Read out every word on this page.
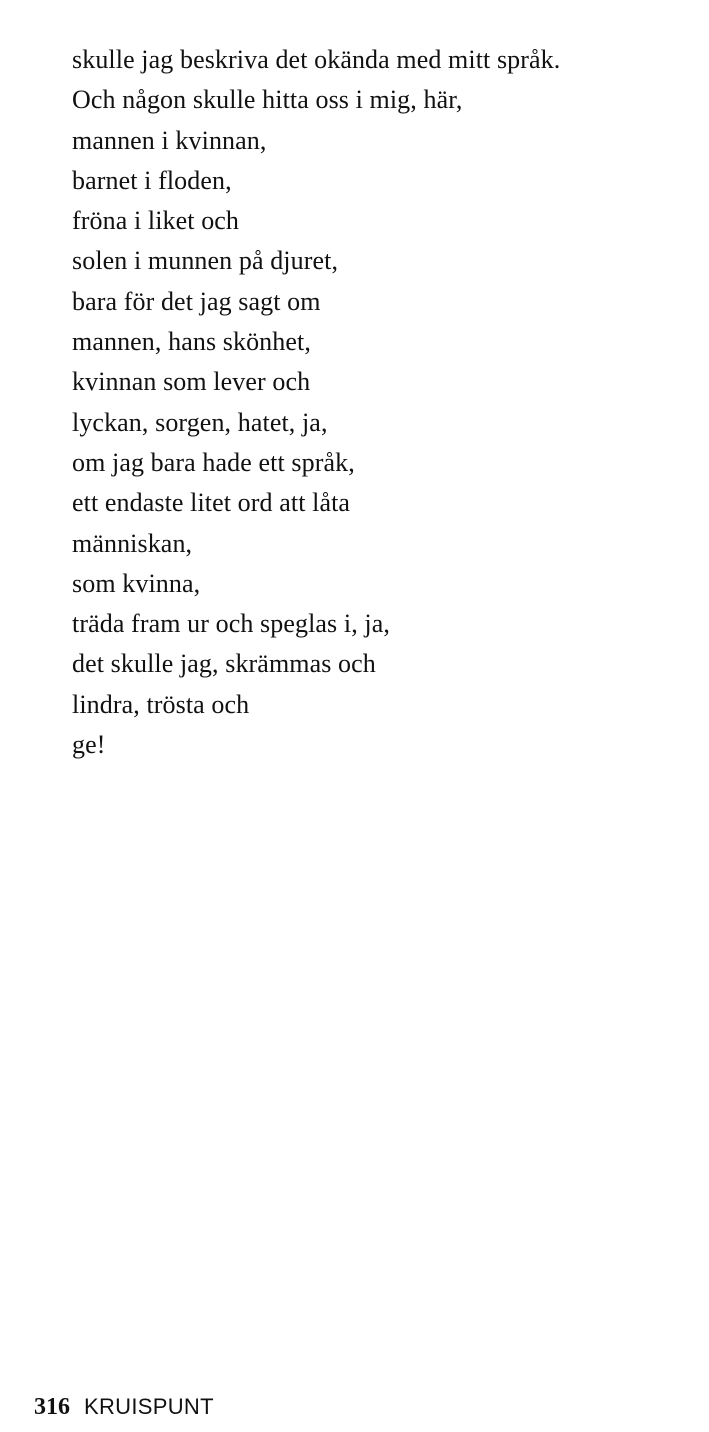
skulle jag beskriva det okända med mitt språk.
Och någon skulle hitta oss i mig, här,
mannen i kvinnan,
barnet i floden,
fröna i liket och
solen i munnen på djuret,
bara för det jag sagt om
mannen, hans skönhet,
kvinnan som lever och
lyckan, sorgen, hatet, ja,
om jag bara hade ett språk,
ett endaste litet ord att låta
människan,
som kvinna,
träda fram ur och speglas i, ja,
det skulle jag, skrämmas och
lindra, trösta och
ge!
316 KRUISPUNT
